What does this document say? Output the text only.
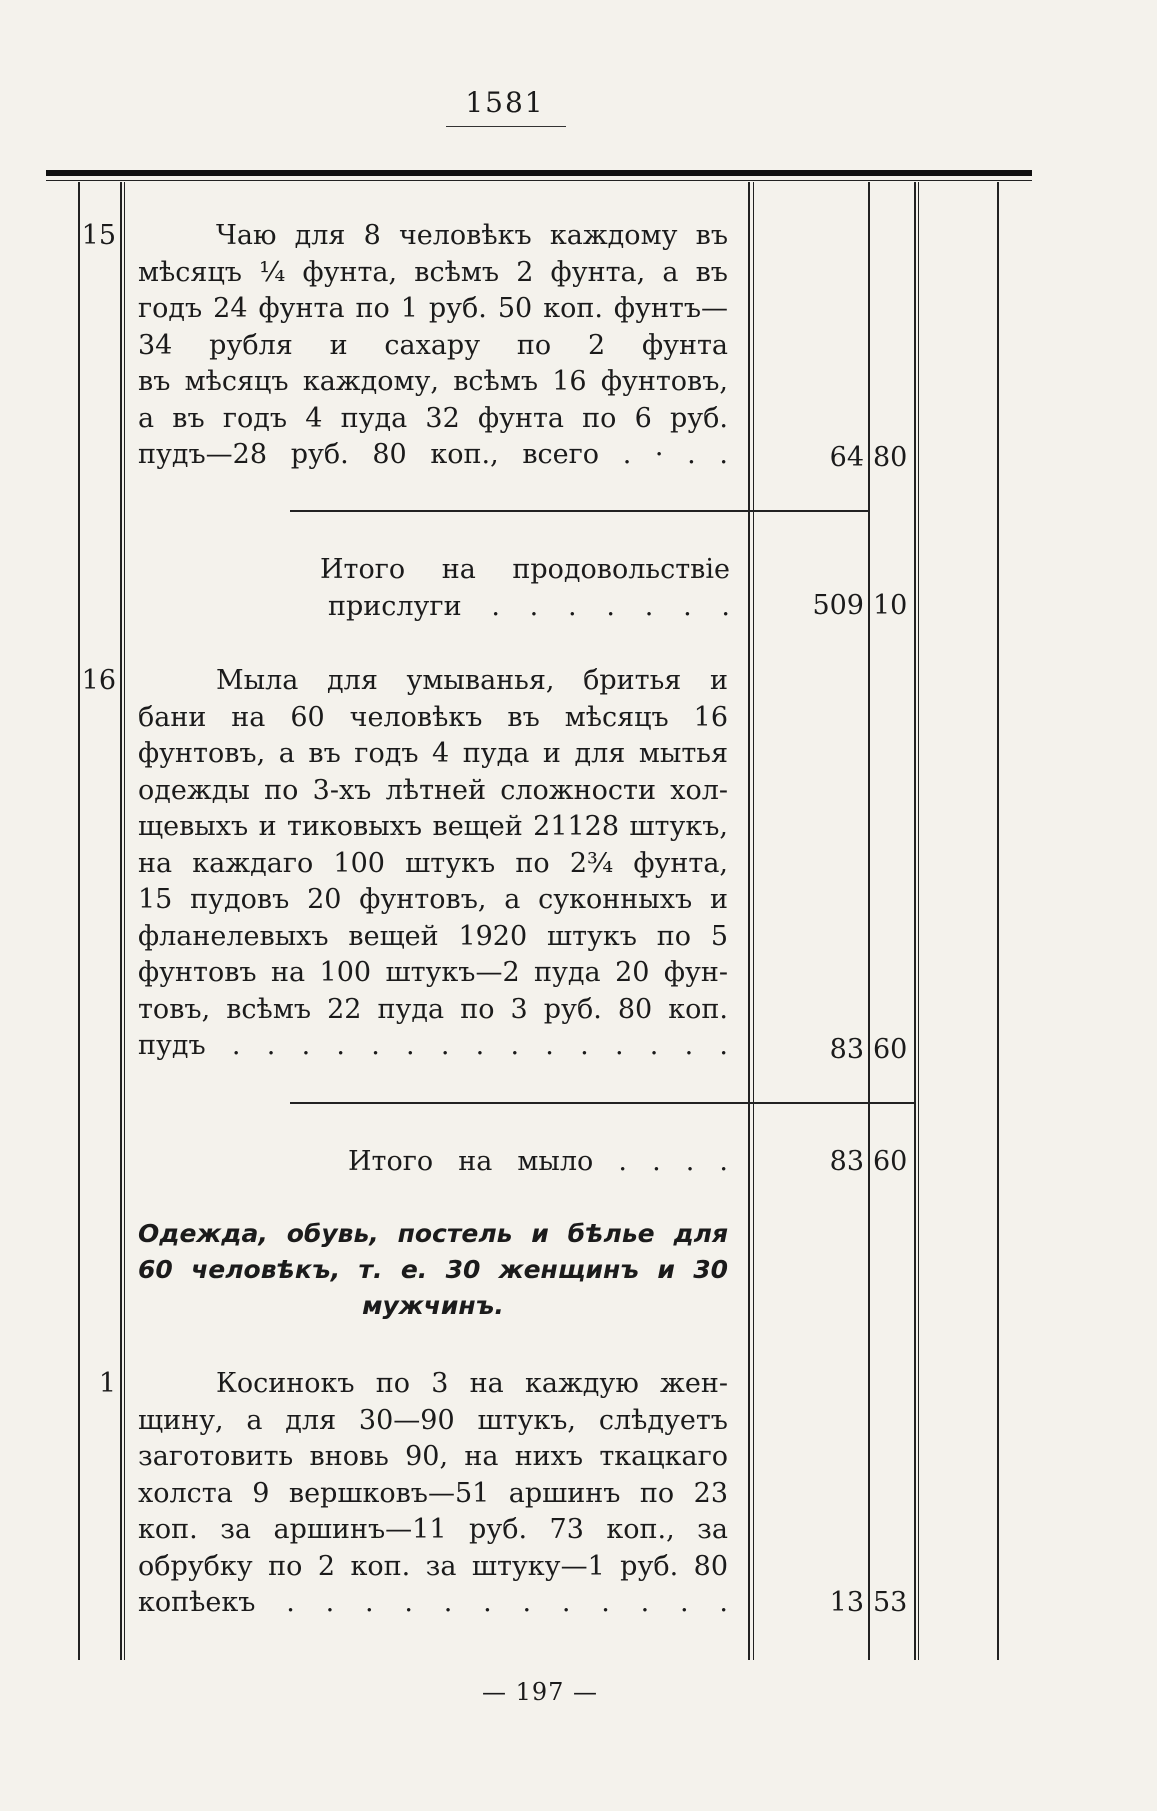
1581
15	Чаю для 8 человѣкъ каждому въ
мѣсяцъ ¼ фунта, всѣмъ 2 фунта, а въ
годъ 24 фунта по 1 руб. 50 коп. фунтъ—
34 рубля и сахару по 2 фунта
въ мѣсяцъ каждому, всѣмъ 16 фунтовъ,
а въ годъ 4 пуда 32 фунта по 6 руб.
пудъ—28 руб. 80 коп., всего . · . .	64 80
Итого на продовольствіе
прислуги . . . . . . .	509 10
16	Мыла для умыванья, бритья и
бани на 60 человѣкъ въ мѣсяцъ 16
фунтовъ, а въ годъ 4 пуда и для мытья
одежды по 3-хъ лѣтней сложности хол-
щевыхъ и тиковыхъ вещей 21128 штукъ,
на каждаго 100 штукъ по 2¾ фунта,
15 пудовъ 20 фунтовъ, а суконныхъ и
фланелевыхъ вещей 1920 штукъ по 5
фунтовъ на 100 штукъ—2 пуда 20 фун-
товъ, всѣмъ 22 пуда по 3 руб. 80 коп.
пудъ . . . . . . . . . . . . . . .	83 60
Итого на мыло . . . .	83 60
Одежда, обувь, постель и бѣлье для
60 человѣкъ, т. е. 30 женщинъ и 30
мужчинъ.
1	Косинокъ по 3 на каждую жен-
щину, а для 30—90 штукъ, слѣдуетъ
заготовить вновь 90, на нихъ ткацкаго
холста 9 вершковъ—51 аршинъ по 23
коп. за аршинъ—11 руб. 73 коп., за
обрубку по 2 коп. за штуку—1 руб. 80
копѣекъ . . . . . . . . . . . .	13 53
— 197 —
